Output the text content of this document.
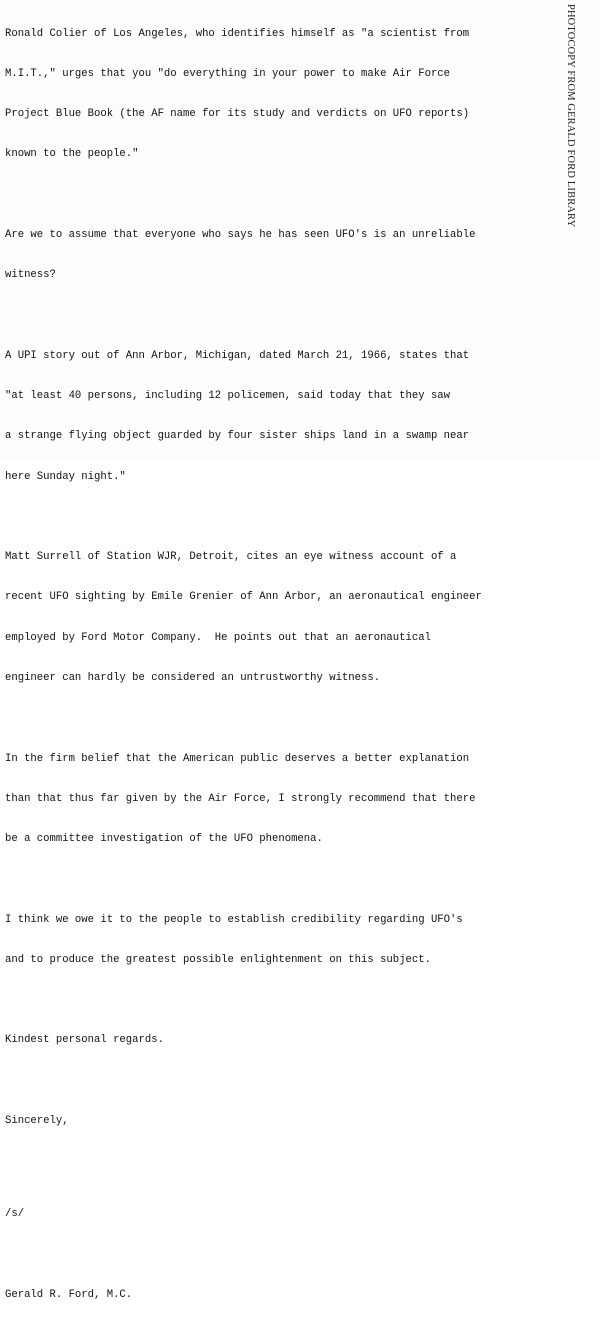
Ronald Colier of Los Angeles, who identifies himself as "a scientist from

M.I.T.," urges that you "do everything in your power to make Air Force

Project Blue Book (the AF name for its study and verdicts on UFO reports)

known to the people."

Are we to assume that everyone who says he has seen UFO's is an unreliable

witness?

A UPI story out of Ann Arbor, Michigan, dated March 21, 1966, states that

"at least 40 persons, including 12 policemen, said today that they saw

a strange flying object guarded by four sister ships land in a swamp near

here Sunday night."

Matt Surrell of Station WJR, Detroit, cites an eye witness account of a

recent UFO sighting by Emile Grenier of Ann Arbor, an aeronautical engineer

employed by Ford Motor Company.  He points out that an aeronautical

engineer can hardly be considered an untrustworthy witness.

In the firm belief that the American public deserves a better explanation

than that thus far given by the Air Force, I strongly recommend that there

be a committee investigation of the UFO phenomena.

I think we owe it to the people to establish credibility regarding UFO's

and to produce the greatest possible enlightenment on this subject.

Kindest personal regards.

Sincerely,

/s/

Gerald R. Ford, M.C.

PHOTOCOPY FROM GERALD FORD LIBRARY
